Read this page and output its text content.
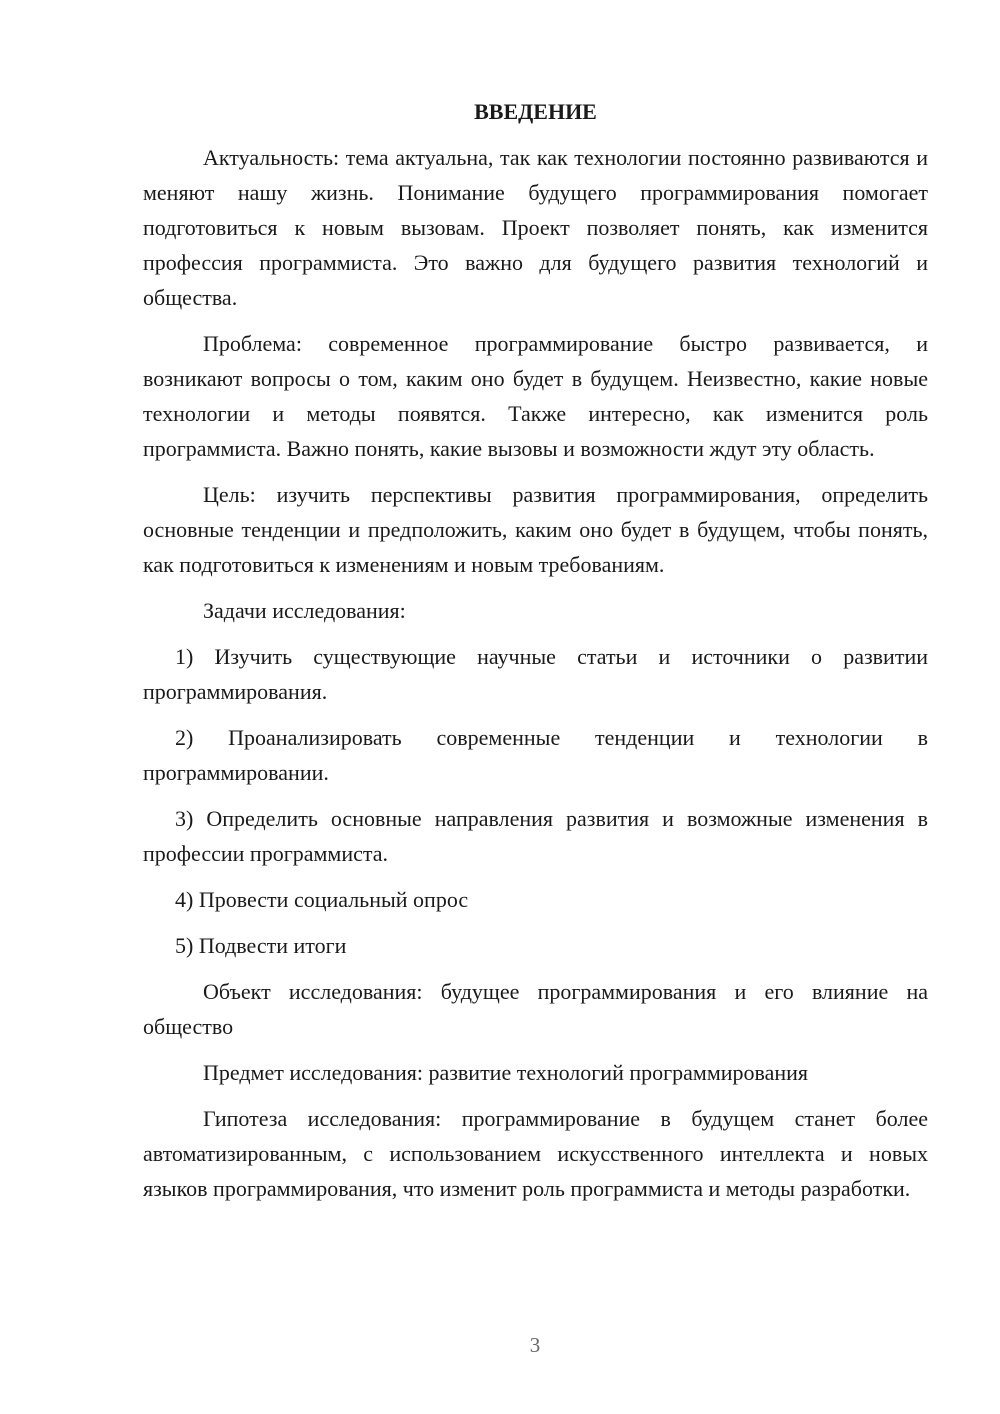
ВВЕДЕНИЕ

Актуальность: тема актуальна, так как технологии постоянно развиваются и меняют нашу жизнь. Понимание будущего программирования помогает подготовиться к новым вызовам. Проект позволяет понять, как изменится профессия программиста. Это важно для будущего развития технологий и общества.

Проблема: современное программирование быстро развивается, и возникают вопросы о том, каким оно будет в будущем. Неизвестно, какие новые технологии и методы появятся. Также интересно, как изменится роль программиста. Важно понять, какие вызовы и возможности ждут эту область.

Цель: изучить перспективы развития программирования, определить основные тенденции и предположить, каким оно будет в будущем, чтобы понять, как подготовиться к изменениям и новым требованиям.

Задачи исследования:

1) Изучить существующие научные статьи и источники о развитии программирования.

2) Проанализировать современные тенденции и технологии в программировании.

3) Определить основные направления развития и возможные изменения в профессии программиста.

4) Провести социальный опрос

5) Подвести итоги

Объект исследования: будущее программирования и его влияние на общество

Предмет исследования: развитие технологий программирования

Гипотеза исследования: программирование в будущем станет более автоматизированным, с использованием искусственного интеллекта и новых языков программирования, что изменит роль программиста и методы разработки.

3
